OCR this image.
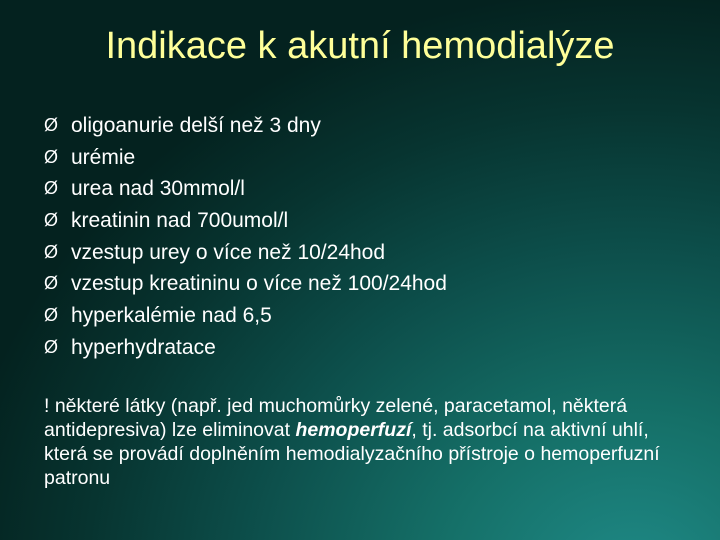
Indikace k akutní hemodialýze
Ø oligoanurie delší než 3 dny
Ø urémie
Ø urea nad 30mmol/l
Ø kreatinin nad 700umol/l
Ø vzestup urey o více než 10/24hod
Ø vzestup kreatininu o více než 100/24hod
Ø hyperkalémie nad 6,5
Ø hyperhydratace

! některé látky (např. jed muchomůrky zelené, paracetamol, některá antidepresiva) lze eliminovat hemoperfuzí, tj. adsorbcí na aktivní uhlí, která se provádí doplněním hemodialyzačního přístroje o hemoperfuzní patronu
